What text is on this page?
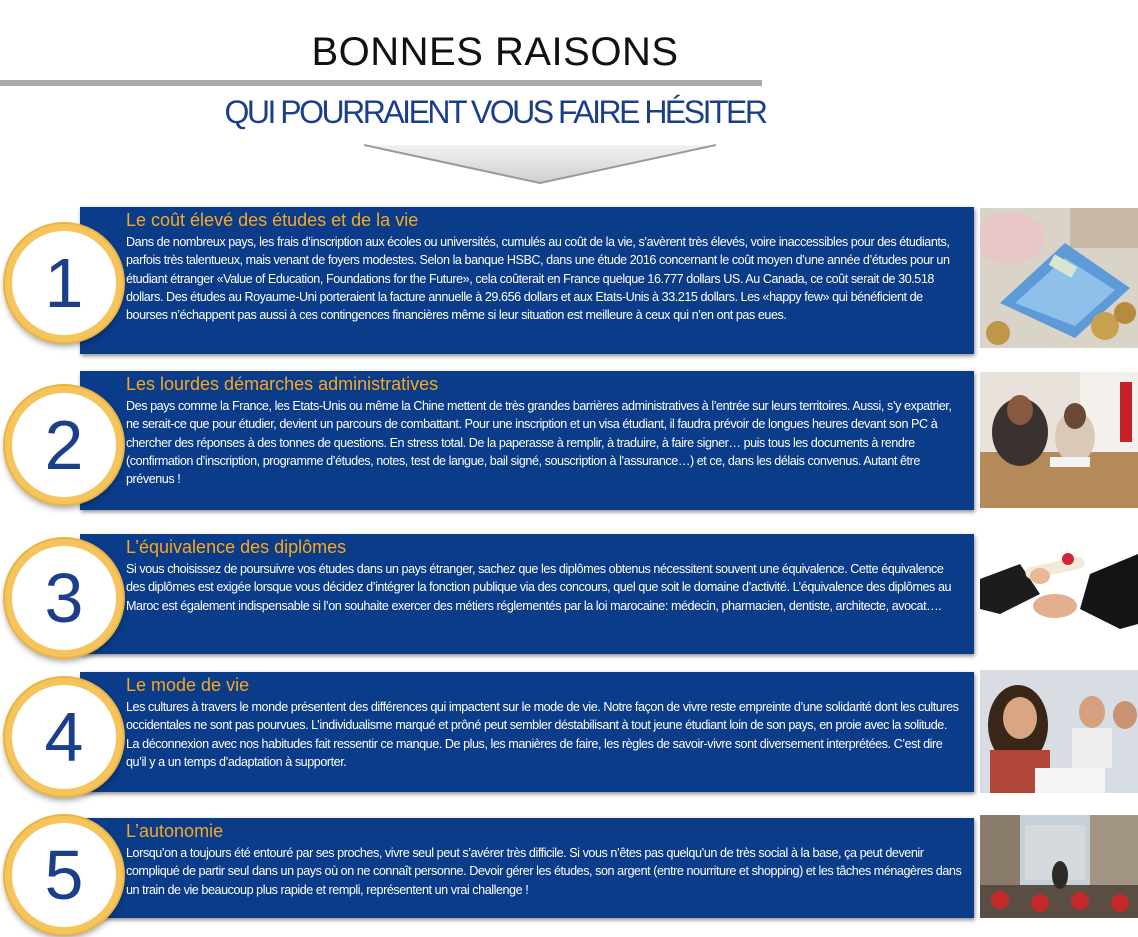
BONNES RAISONS
QUI POURRAIENT VOUS FAIRE HÉSITER
Le coût élevé des études et de la vie

Dans de nombreux pays, les frais d’inscription aux écoles ou universités, cumulés au coût de la vie, s’avèrent très élevés, voire inaccessibles pour des étudiants, parfois très talentueux, mais venant de foyers modestes. Selon la banque HSBC, dans une étude 2016 concernant le coût moyen d’une année d’études pour un étudiant étranger «Value of Education, Foundations for the Future», cela coûterait en France quelque 16.777 dollars US. Au Canada, ce coût serait de 30.518 dollars. Des études au Royaume-Uni porteraient la facture annuelle à 29.656 dollars et aux Etats-Unis à 33.215 dollars. Les «happy few» qui bénéficient de bourses n’échappent pas aussi à ces contingences financières même si leur situation est meilleure à ceux qui n’en ont pas eues.

1
Les lourdes démarches administratives

Des pays comme la France, les Etats-Unis ou même la Chine mettent de très grandes barrières administratives à l’entrée sur leurs territoires. Aussi, s’y expatrier, ne serait-ce que pour étudier, devient un parcours de combattant. Pour une inscription et un visa étudiant, il faudra prévoir de longues heures devant son PC à chercher des réponses à des tonnes de questions. En stress total. De la paperasse à remplir, à traduire, à faire signer… puis tous les documents à rendre (confirmation d’inscription, programme d’études, notes, test de langue, bail signé, souscription à l’assurance…) et ce, dans les délais convenus. Autant être prévenus !

2
L’équivalence des diplômes

Si vous choisissez de poursuivre vos études dans un pays étranger, sachez que les diplômes obtenus nécessitent souvent une équivalence. Cette équivalence des diplômes est exigée lorsque vous décidez d’intégrer la fonction publique via des concours, quel que soit le domaine d’activité. L’équivalence des diplômes au Maroc est également indispensable si l’on souhaite exercer des métiers réglementés par la loi marocaine: médecin, pharmacien, dentiste, architecte, avocat….

3
Le mode de vie

Les cultures à travers le monde présentent des différences qui impactent sur le mode de vie. Notre façon de vivre reste empreinte d’une solidarité dont les cultures occidentales ne sont pas pourvues. L’individualisme marqué et prôné peut sembler déstabilisant à tout jeune étudiant loin de son pays, en proie avec la solitude. La déconnexion avec nos habitudes fait ressentir ce manque. De plus, les manières de faire, les règles de savoir-vivre sont diversement interprétées. C’est dire qu’il y a un temps d’adaptation à supporter.

4
L’autonomie

Lorsqu’on a toujours été entouré par ses proches, vivre seul peut s’avérer très difficile. Si vous n’êtes pas quelqu’un de très social à la base, ça peut devenir compliqué de partir seul dans un pays où on ne connaît personne. Devoir gérer les études, son argent (entre nourriture et shopping) et les tâches ménagères dans un train de vie beaucoup plus rapide et rempli, représentent un vrai challenge !

5
